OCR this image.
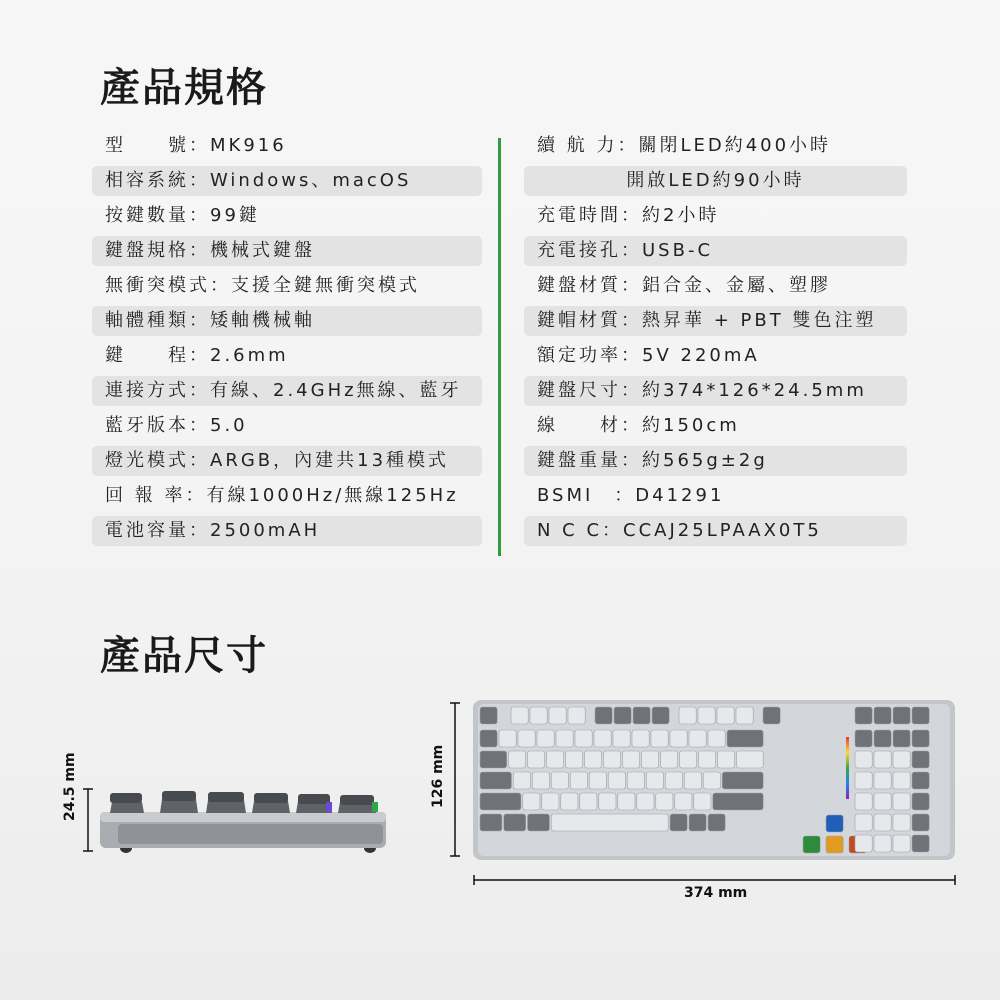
產品規格
型　　號：MK916
相容系統：Windows、macOS
按鍵數量：99鍵
鍵盤規格：機械式鍵盤
無衝突模式：支援全鍵無衝突模式
軸體種類：矮軸機械軸
鍵　　程：2.6mm
連接方式：有線、2.4GHz無線、藍牙
藍牙版本：5.0
燈光模式：ARGB，內建共13種模式
回 報 率：有線1000Hz/無線125Hz
電池容量：2500mAH
續 航 力：關閉LED約400小時
開啟LED約90小時
充電時間：約2小時
充電接孔：USB-C
鍵盤材質：鋁合金、金屬、塑膠
鍵帽材質：熱昇華 + PBT 雙色注塑
額定功率：5V 220mA
鍵盤尺寸：約374*126*24.5mm
線　　材：約150cm
鍵盤重量：約565g±2g
BSMI　：D41291
N C C：CCAJ25LPAAX0T5
產品尺寸
24.5 mm	126 mm
374 mm
